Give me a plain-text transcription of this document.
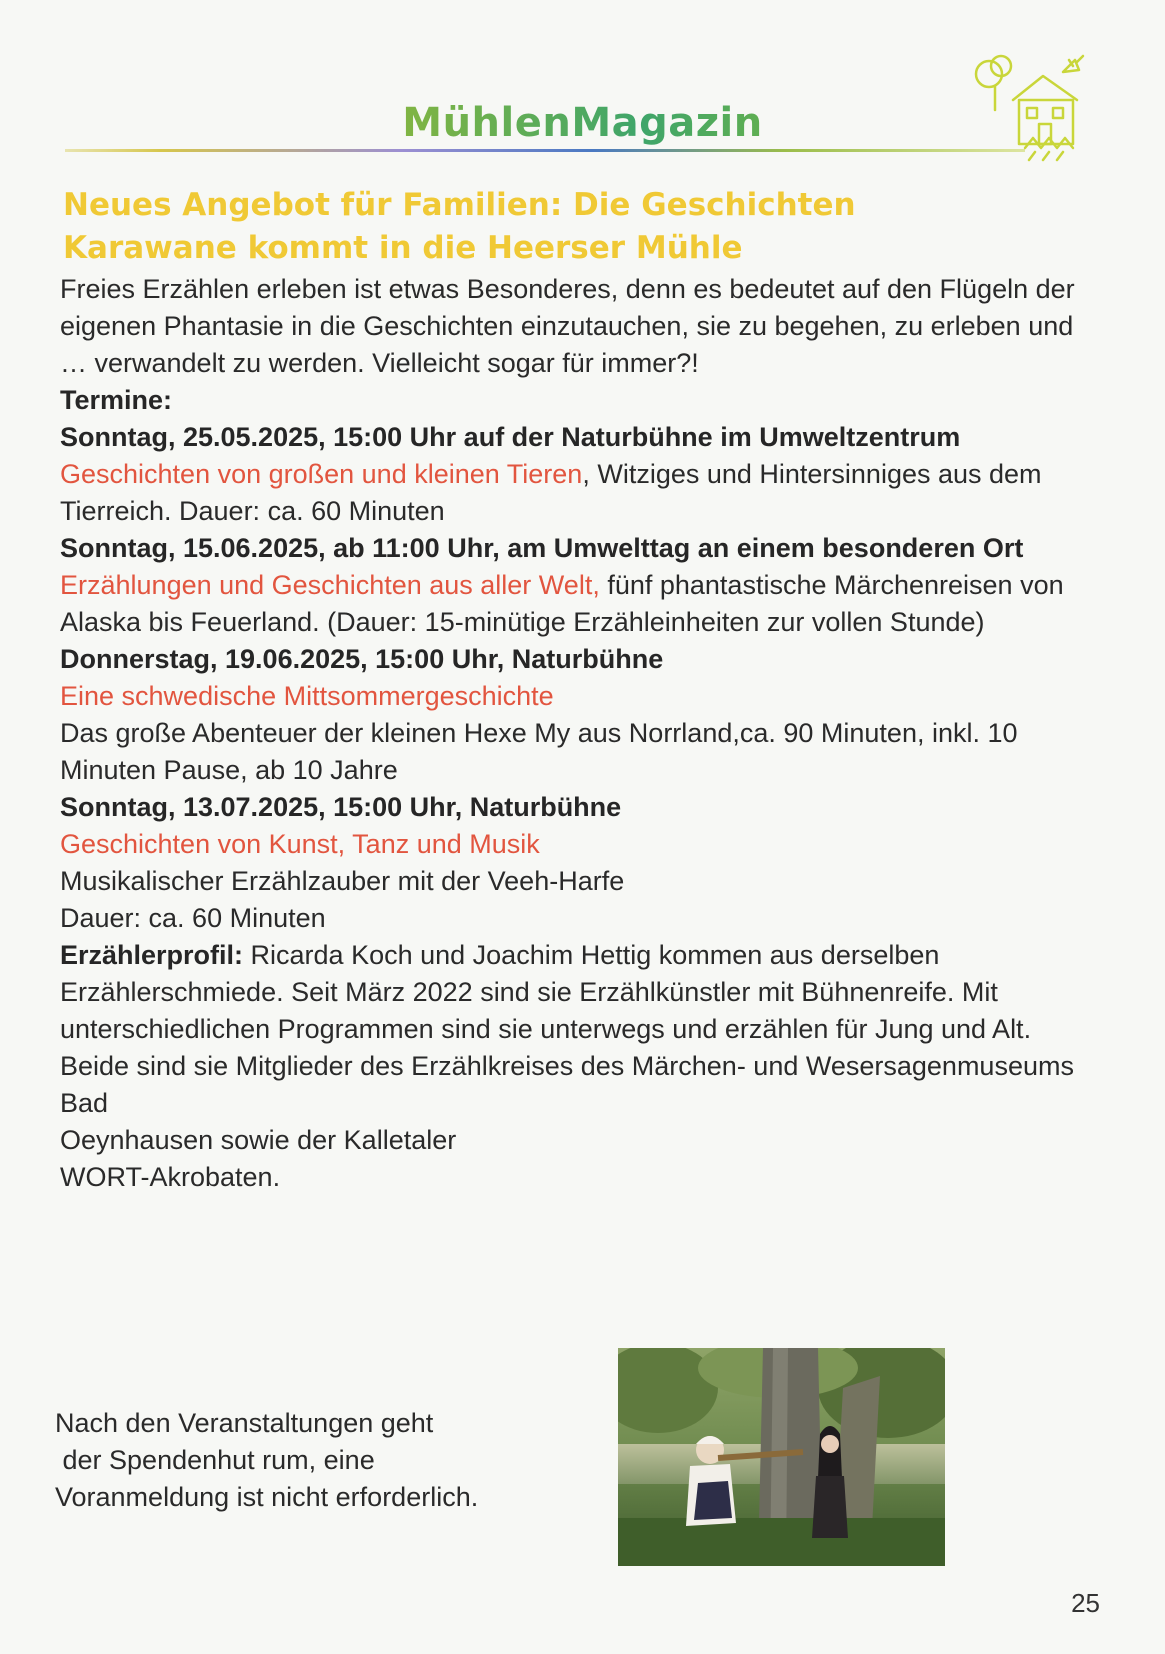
MühlenMagazin
Neues Angebot für Familien: Die Geschichten
Karawane kommt in die Heerser Mühle

Freies Erzählen erleben ist etwas Besonderes, denn es bedeutet auf den Flügeln der eigenen Phantasie in die Geschichten einzutauchen, sie zu begehen, zu erleben und … verwandelt zu werden. Vielleicht sogar für immer?!

Termine:

Sonntag, 25.05.2025, 15:00 Uhr auf der Naturbühne im Umweltzentrum

Geschichten von großen und kleinen Tieren, Witziges und Hintersinniges aus dem Tierreich. Dauer: ca. 60 Minuten

Sonntag, 15.06.2025, ab 11:00 Uhr, am Umwelttag an einem besonderen Ort

Erzählungen und Geschichten aus aller Welt, fünf phantastische Märchenreisen von Alaska bis Feuerland. (Dauer: 15-minütige Erzähleinheiten zur vollen Stunde)

Donnerstag, 19.06.2025, 15:00 Uhr, Naturbühne

Eine schwedische Mittsommergeschichte

Das große Abenteuer der kleinen Hexe My aus Norrland,ca. 90 Minuten, inkl. 10 Minuten Pause, ab 10 Jahre

Sonntag, 13.07.2025, 15:00 Uhr, Naturbühne

Geschichten von Kunst, Tanz und Musik

Musikalischer Erzählzauber mit der Veeh-Harfe

Dauer: ca. 60 Minuten

Erzählerprofil: Ricarda Koch und Joachim Hettig kommen aus derselben Erzählerschmiede. Seit März 2022 sind sie Erzählkünstler mit Bühnenreife. Mit unterschiedlichen Programmen sind sie unterwegs und erzählen für Jung und Alt. Beide sind sie Mitglieder des Erzählkreises des Märchen- und Wesersagenmuseums Bad

Oeynhausen sowie der Kalletaler

WORT-Akrobaten.

Nach den Veranstaltungen geht

der Spendenhut rum, eine

Voranmeldung ist nicht erforderlich.

25
